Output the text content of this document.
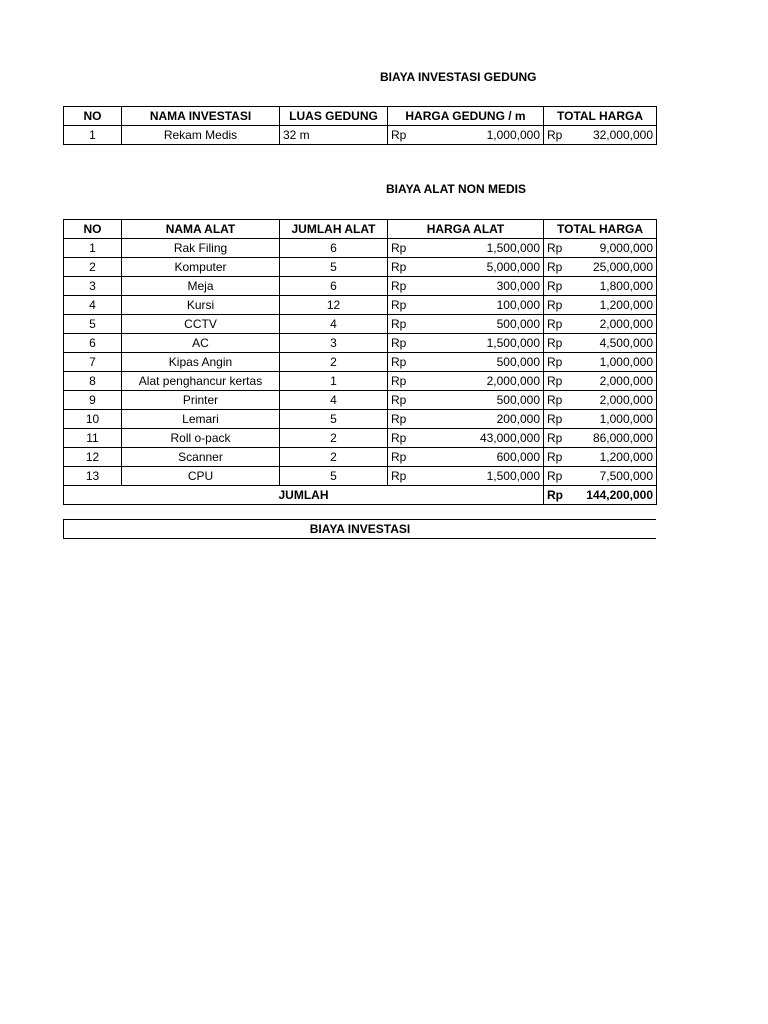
BIAYA INVESTASI GEDUNG
NO	NAMA INVESTASI	LUAS GEDUNG	HARGA GEDUNG / m	TOTAL HARGA
1	Rekam Medis	32 m	Rp 1,000,000	Rp 32,000,000
BIAYA ALAT NON MEDIS
NO	NAMA ALAT	JUMLAH ALAT	HARGA ALAT	TOTAL HARGA
1	Rak Filing	6	Rp 1,500,000	Rp 9,000,000

2	Komputer	5	Rp 5,000,000	Rp 25,000,000

3	Meja	6	Rp 300,000	Rp 1,800,000

4	Kursi	12	Rp 100,000	Rp 1,200,000

5	CCTV	4	Rp 500,000	Rp 2,000,000

6	AC	3	Rp 1,500,000	Rp 4,500,000

7	Kipas Angin	2	Rp 500,000	Rp 1,000,000

8	Alat penghancur kertas	1	Rp 2,000,000	Rp 2,000,000

9	Printer	4	Rp 500,000	Rp 2,000,000

10	Lemari	5	Rp 200,000	Rp 1,000,000

11	Roll o-pack	2	Rp 43,000,000	Rp 86,000,000

12	Scanner	2	Rp 600,000	Rp 1,200,000

13	CPU	5	Rp 1,500,000	Rp 7,500,000

JUMLAH				Rp 144,200,000
BIAYA INVESTASI
